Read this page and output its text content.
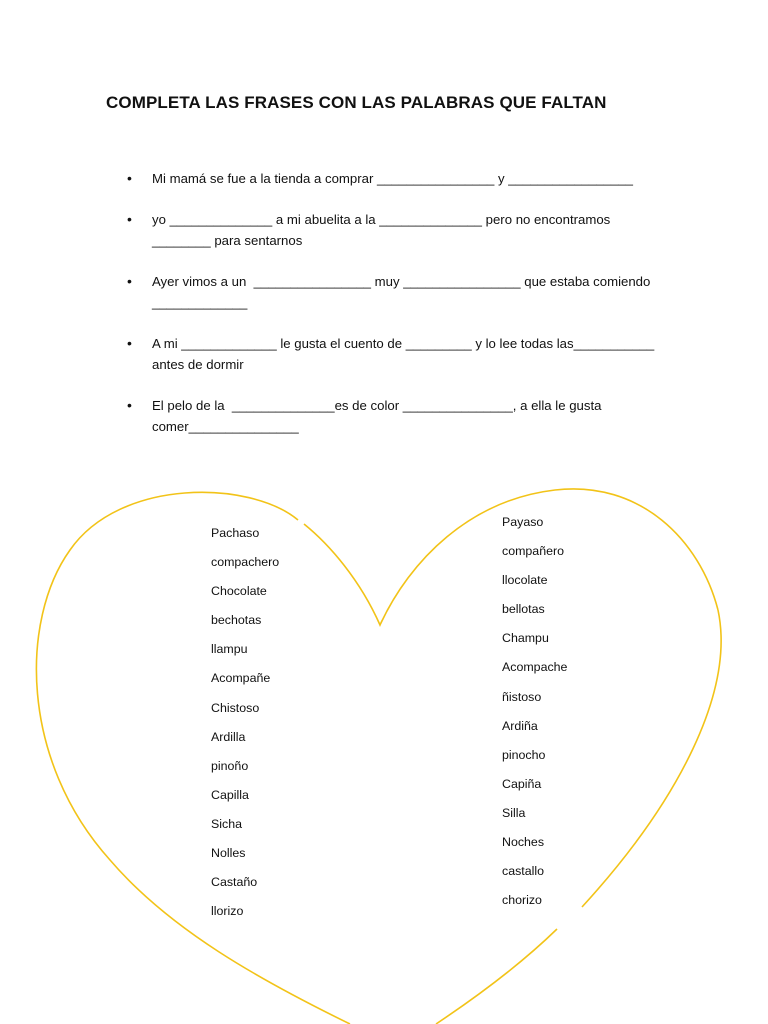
COMPLETA LAS FRASES CON LAS PALABRAS QUE FALTAN
• Mi mamá se fue a la tienda a comprar ________________ y _________________
• yo ______________ a mi abuelita a la ______________ pero no encontramos
________ para sentarnos
• Ayer vimos a un  ________________ muy ________________ que estaba comiendo
_____________
• A mi _____________ le gusta el cuento de _________ y lo lee todas las___________
antes de dormir
• El pelo de la  ______________es de color _______________, a ella le gusta
comer_______________
Pachaso
compachero
Chocolate
bechotas
llampu
Acompañe
Chistoso
Ardilla
pinoño
Capilla
Sicha
Nolles
Castaño
llorizo
Payaso
compañero
llocolate
bellotas
Champu
Acompache
ñistoso
Ardiña
pinocho
Capiña
Silla
Noches
castallo
chorizo
